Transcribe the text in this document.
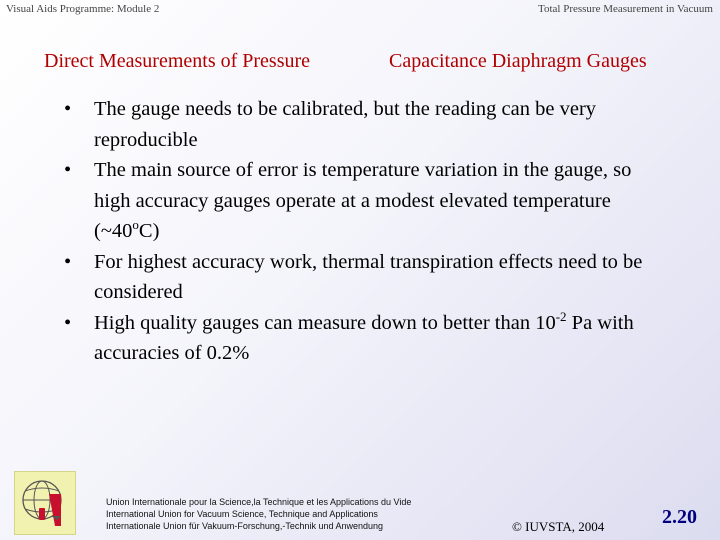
Visual Aids Programme: Module 2	Total Pressure Measurement in Vacuum
Direct Measurements of Pressure	Capacitance Diaphragm Gauges
• The gauge needs to be calibrated, but the reading can be very reproducible
• The main source of error is temperature variation in the gauge, so high accuracy gauges operate at a modest elevated temperature (~40$^o$C)
• For highest accuracy work, thermal transpiration effects need to be considered
• High quality gauges can measure down to better than $10^{-2}$ Pa with accuracies of 0.2%
Union Internationale pour la Science,la Technique et les Applications du Vide
International Union for Vacuum Science, Technique and Applications
Internationale Union für Vakuum-Forschung,-Technik und Anwendung	© IUVSTA, 2004	2.20
